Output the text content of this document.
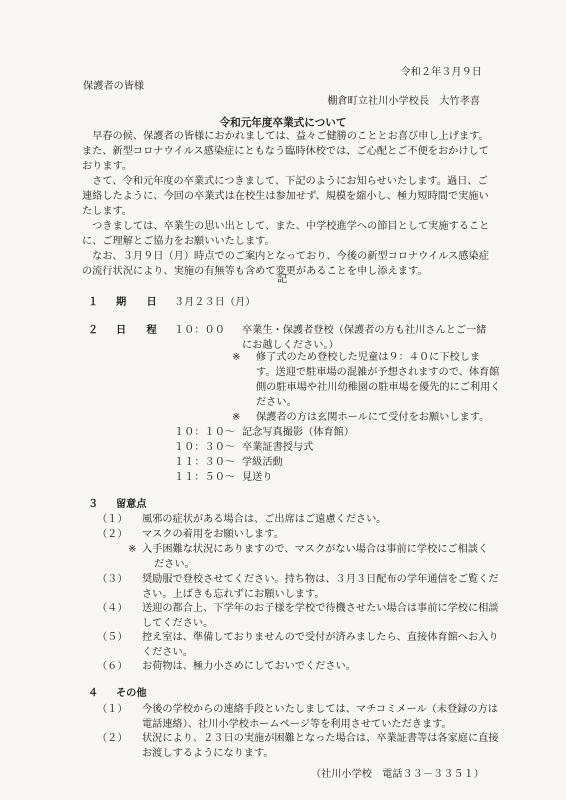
令和２年３月９日
保護者の皆様
棚倉町立社川小学校長　大竹孝喜
令和元年度卒業式について
　早春の候、保護者の皆様におかれましては、益々ご健勝のこととお喜び申し上げます。
また、新型コロナウイルス感染症にともなう臨時休校では、ご心配とご不便をおかけして
おります。
　さて、令和元年度の卒業式につきまして、下記のようにお知らせいたします。過日、ご
連絡したように、今回の卒業式は在校生は参加せず、規模を縮小し、極力短時間で実施い
たします。
　つきましては、卒業生の思い出として、また、中学校進学への節目として実施すること
に、ご理解とご協力をお願いいたします。
　なお、３月９日（月）時点でのご案内となっており、今後の新型コロナウイルス感染症
の流行状況により、実施の有無等も含めて変更があることを申し添えます。
記
１ 期　　日 ３月２３日（月）
２ 日　　程 １０：００ 卒業生・保護者登校（保護者の方も社川さんとご一緒
にお越しください。）
※ 修了式のため登校した児童は９：４０に下校しま
す。送迎で駐車場の混雑が予想されますので、体育館
側の駐車場や社川幼稚園の駐車場を優先的にご利用く
ださい。
※ 保護者の方は玄関ホールにて受付をお願いします。
１０：１０〜 記念写真撮影（体育館）
１０：３０〜 卒業証書授与式
１１：３０〜 学級活動
１１：５０〜 見送り
３ 留意点
（１） 風邪の症状がある場合は、ご出席はご遠慮ください。
（２） マスクの着用をお願いします。
※ 入手困難な状況にありますので、マスクがない場合は事前に学校にご相談く
ださい。
（３） 奨励服で登校させてください。持ち物は、３月３日配布の学年通信をご覧くだ
さい。上ばきも忘れずにお願いします。
（４） 送迎の都合上、下学年のお子様を学校で待機させたい場合は事前に学校に相談
してください。
（５） 控え室は、準備しておりませんので受付が済みましたら、直接体育館へお入り
ください。
（６） お荷物は、極力小さめにしておいでください。
４ その他
（１） 今後の学校からの連絡手段といたしましては、マチコミメール（未登録の方は
電話連絡）、社川小学校ホームページ等を利用させていただきます。
（２） 状況により、２３日の実施が困難となった場合は、卒業証書等は各家庭に直接
お渡しするようになります。
（社川小学校　電話３３－３３５１）
